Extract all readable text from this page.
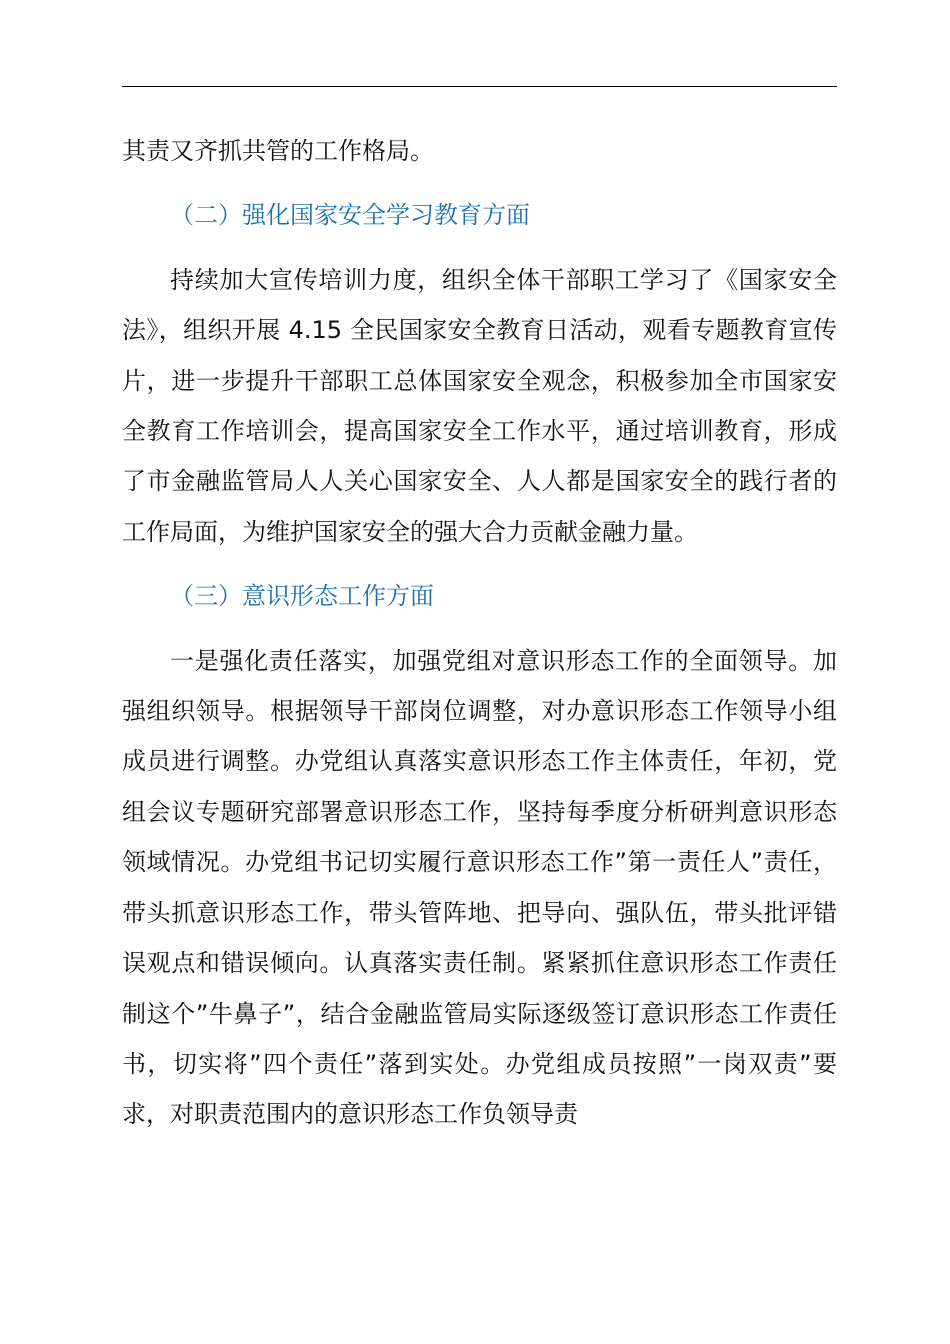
其责又齐抓共管的工作格局。

（二）强化国家安全学习教育方面

持续加大宣传培训力度，组织全体干部职工学习了《国家安全法》，组织开展 4.15 全民国家安全教育日活动，观看专题教育宣传片，进一步提升干部职工总体国家安全观念，积极参加全市国家安全教育工作培训会，提高国家安全工作水平，通过培训教育，形成了市金融监管局人人关心国家安全、人人都是国家安全的践行者的工作局面，为维护国家安全的强大合力贡献金融力量。

（三）意识形态工作方面

一是强化责任落实，加强党组对意识形态工作的全面领导。加强组织领导。根据领导干部岗位调整，对办意识形态工作领导小组成员进行调整。办党组认真落实意识形态工作主体责任，年初，党组会议专题研究部署意识形态工作，坚持每季度分析研判意识形态领域情况。办党组书记切实履行意识形态工作”第一责任人”责任，带头抓意识形态工作，带头管阵地、把导向、强队伍，带头批评错误观点和错误倾向。认真落实责任制。紧紧抓住意识形态工作责任制这个”牛鼻子”，结合金融监管局实际逐级签订意识形态工作责任书，切实将”四个责任”落到实处。办党组成员按照”一岗双责”要求，对职责范围内的意识形态工作负领导责
